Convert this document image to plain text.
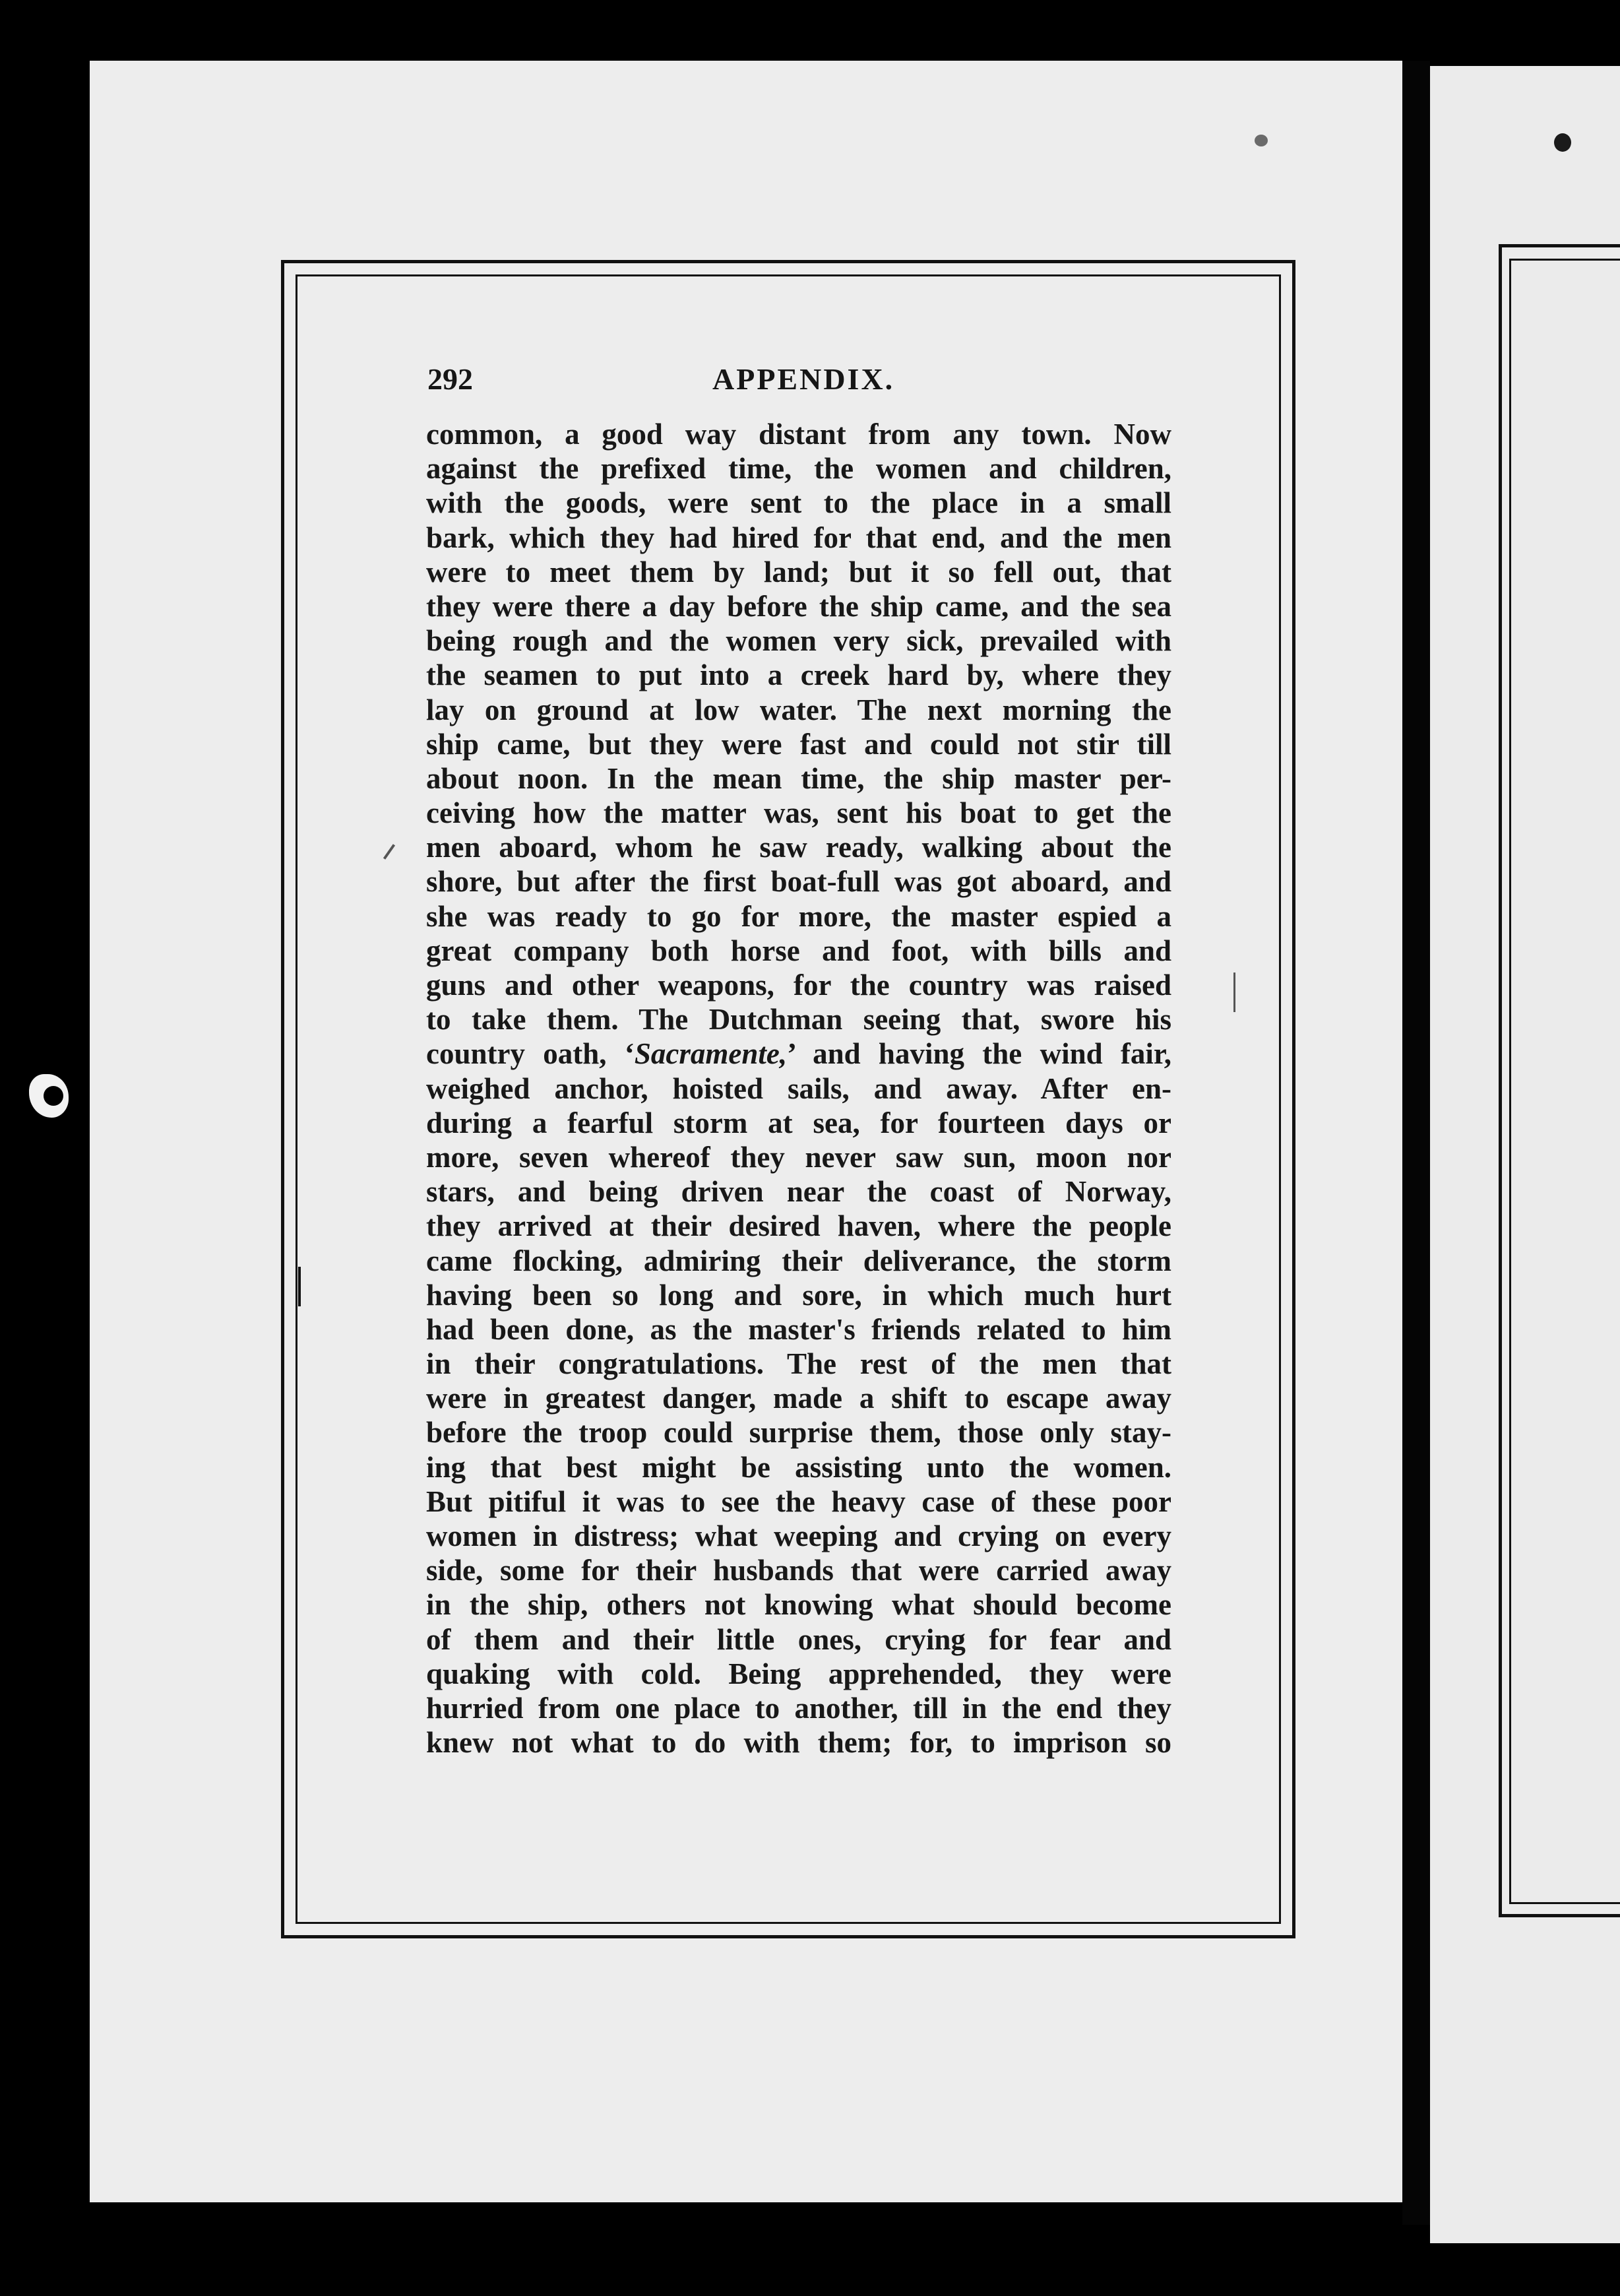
292	APPENDIX.
common, a good way distant from any town. Now
against the prefixed time, the women and children,
with the goods, were sent to the place in a small
bark, which they had hired for that end, and the men
were to meet them by land; but it so fell out, that
they were there a day before the ship came, and the sea
being rough and the women very sick, prevailed with
the seamen to put into a creek hard by, where they
lay on ground at low water. The next morning the
ship came, but they were fast and could not stir till
about noon. In the mean time, the ship master per-
ceiving how the matter was, sent his boat to get the
men aboard, whom he saw ready, walking about the
shore, but after the first boat-full was got aboard, and
she was ready to go for more, the master espied a
great company both horse and foot, with bills and
guns and other weapons, for the country was raised
to take them. The Dutchman seeing that, swore his
country oath, ‘Sacramente,’ and having the wind fair,
weighed anchor, hoisted sails, and away. After en-
during a fearful storm at sea, for fourteen days or
more, seven whereof they never saw sun, moon nor
stars, and being driven near the coast of Norway,
they arrived at their desired haven, where the people
came flocking, admiring their deliverance, the storm
having been so long and sore, in which much hurt
had been done, as the master's friends related to him
in their congratulations. The rest of the men that
were in greatest danger, made a shift to escape away
before the troop could surprise them, those only stay-
ing that best might be assisting unto the women.
But pitiful it was to see the heavy case of these poor
women in distress; what weeping and crying on every
side, some for their husbands that were carried away
in the ship, others not knowing what should become
of them and their little ones, crying for fear and
quaking with cold. Being apprehended, they were
hurried from one place to another, till in the end they
knew not what to do with them; for, to imprison so
